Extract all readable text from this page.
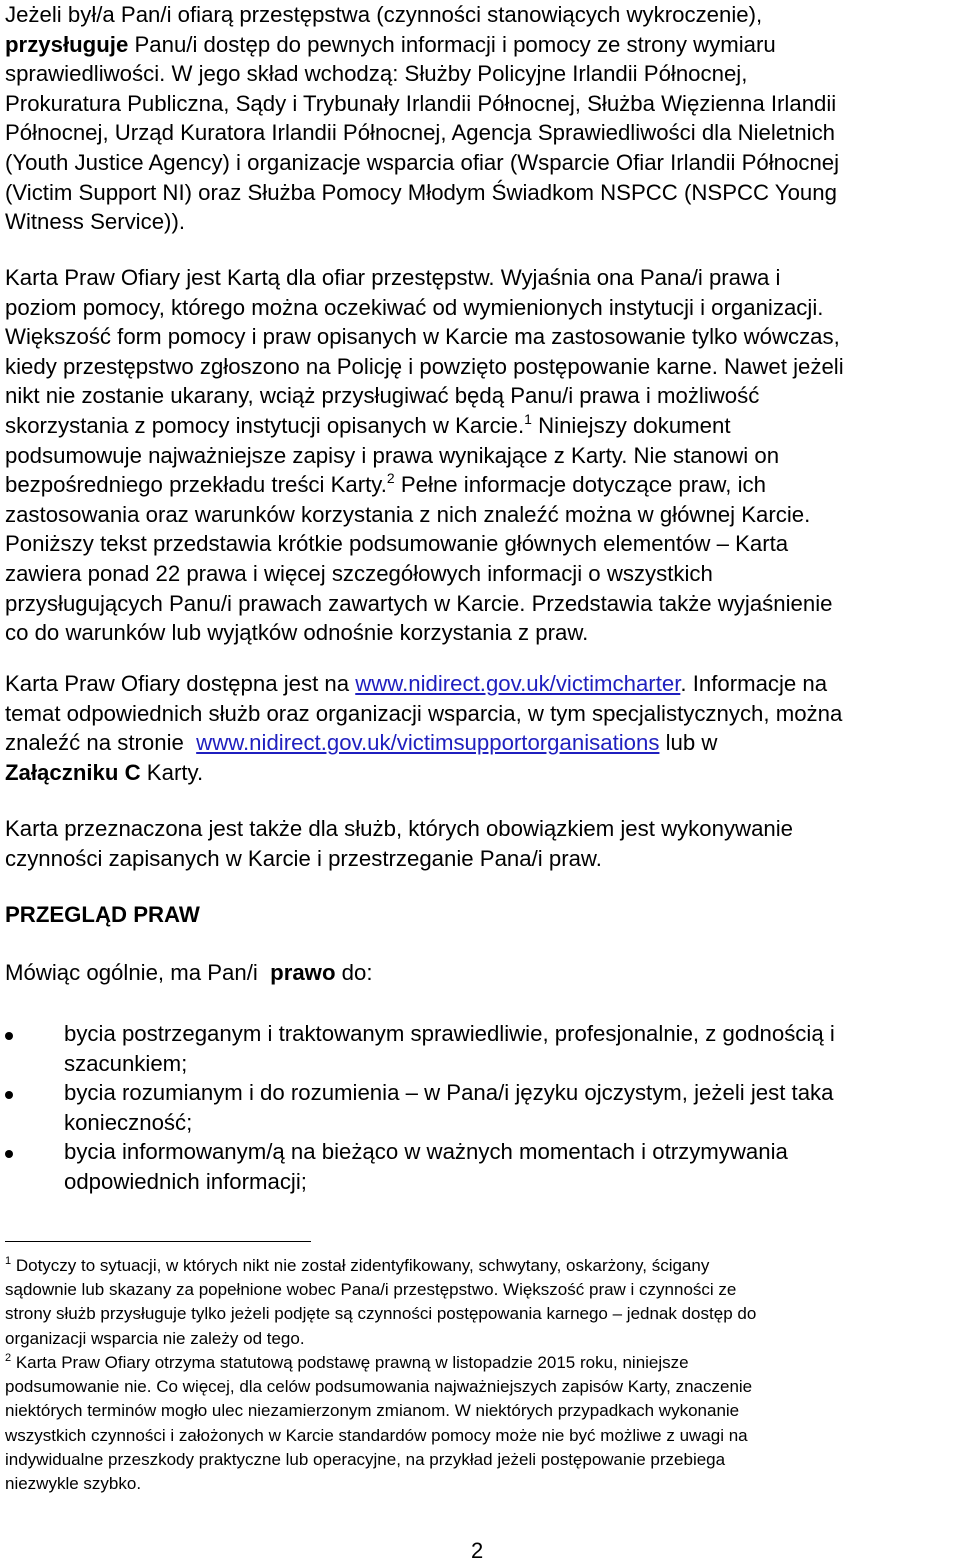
Jeżeli był/a Pan/i ofiarą przestępstwa (czynności stanowiących wykroczenie),
przysługuje Panu/i dostęp do pewnych informacji i pomocy ze strony wymiaru
sprawiedliwości. W jego skład wchodzą: Służby Policyjne Irlandii Północnej,
Prokuratura Publiczna, Sądy i Trybunały Irlandii Północnej, Służba Więzienna Irlandii
Północnej, Urząd Kuratora Irlandii Północnej, Agencja Sprawiedliwości dla Nieletnich
(Youth Justice Agency) i organizacje wsparcia ofiar (Wsparcie Ofiar Irlandii Północnej
(Victim Support NI) oraz Służba Pomocy Młodym Świadkom NSPCC (NSPCC Young
Witness Service)).
Karta Praw Ofiary jest Kartą dla ofiar przestępstw. Wyjaśnia ona Pana/i prawa i
poziom pomocy, którego można oczekiwać od wymienionych instytucji i organizacji.
Większość form pomocy i praw opisanych w Karcie ma zastosowanie tylko wówczas,
kiedy przestępstwo zgłoszono na Policję i powzięto postępowanie karne. Nawet jeżeli
nikt nie zostanie ukarany, wciąż przysługiwać będą Panu/i prawa i możliwość
skorzystania z pomocy instytucji opisanych w Karcie.$^1$ Niniejszy dokument
podsumowuje najważniejsze zapisy i prawa wynikające z Karty. Nie stanowi on
bezpośredniego przekładu treści Karty.$^2$ Pełne informacje dotyczące praw, ich
zastosowania oraz warunków korzystania z nich znaleźć można w głównej Karcie.
Poniższy tekst przedstawia krótkie podsumowanie głównych elementów – Karta
zawiera ponad 22 prawa i więcej szczegółowych informacji o wszystkich
przysługujących Panu/i prawach zawartych w Karcie. Przedstawia także wyjaśnienie
co do warunków lub wyjątków odnośnie korzystania z praw.
Karta Praw Ofiary dostępna jest na www.nidirect.gov.uk/victimcharter. Informacje na
temat odpowiednich służb oraz organizacji wsparcia, w tym specjalistycznych, można
znaleźć na stronie  www.nidirect.gov.uk/victimsupportorganisations lub w
Załączniku C Karty.
Karta przeznaczona jest także dla służb, których obowiązkiem jest wykonywanie
czynności zapisanych w Karcie i przestrzeganie Pana/i praw.
PRZEGLĄD PRAW
Mówiąc ogólnie, ma Pan/i  prawo do:
bycia postrzeganym i traktowanym sprawiedliwie, profesjonalnie, z godnością i
szacunkiem;
bycia rozumianym i do rozumienia – w Pana/i języku ojczystym, jeżeli jest taka
konieczność;
bycia informowanym/ą na bieżąco w ważnych momentach i otrzymywania
odpowiednich informacji;
$^1$ Dotyczy to sytuacji, w których nikt nie został zidentyfikowany, schwytany, oskarżony, ścigany
sądownie lub skazany za popełnione wobec Pana/i przestępstwo. Większość praw i czynności ze
strony służb przysługuje tylko jeżeli podjęte są czynności postępowania karnego – jednak dostęp do
organizacji wsparcia nie zależy od tego.
$^2$ Karta Praw Ofiary otrzyma statutową podstawę prawną w listopadzie 2015 roku, niniejsze
podsumowanie nie. Co więcej, dla celów podsumowania najważniejszych zapisów Karty, znaczenie
niektórych terminów mogło ulec niezamierzonym zmianom. W niektórych przypadkach wykonanie
wszystkich czynności i założonych w Karcie standardów pomocy może nie być możliwe z uwagi na
indywidualne przeszkody praktyczne lub operacyjne, na przykład jeżeli postępowanie przebiega
niezwykle szybko.
2
